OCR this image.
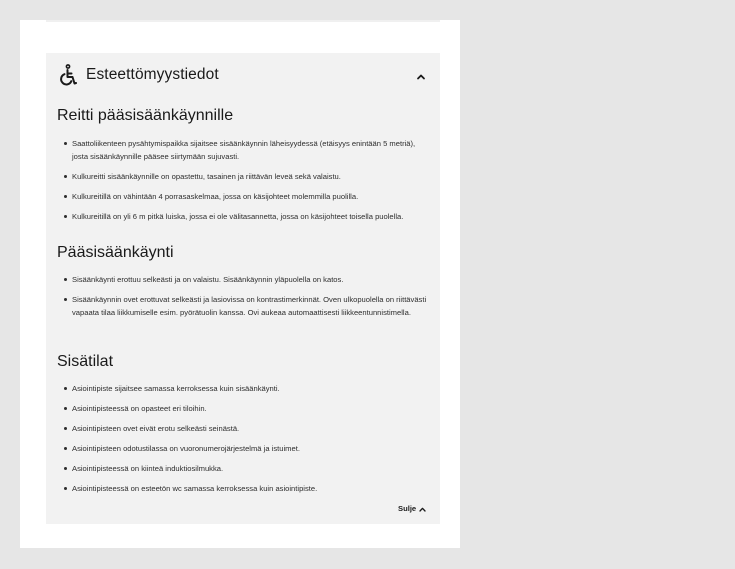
Esteettömyystiedot
Reitti pääsisäänkäynnille
Saattoliikenteen pysähtymispaikka sijaitsee sisäänkäynnin läheisyydessä (etäisyys enintään 5 metriä), josta sisäänkäynnille pääsee siirtymään sujuvasti.
Kulkureitti sisäänkäynnille on opastettu, tasainen ja riittävän leveä sekä valaistu.
Kulkureitillä on vähintään 4 porrasaskelmaa, jossa on käsijohteet molemmilla puolilla.
Kulkureitillä on yli 6 m pitkä luiska, jossa ei ole välitasannetta, jossa on käsijohteet toisella puolella.
Pääsisäänkäynti
Sisäänkäynti erottuu selkeästi ja on valaistu. Sisäänkäynnin yläpuolella on katos.
Sisäänkäynnin ovet erottuvat selkeästi ja lasiovissa on kontrastimerkinnät. Oven ulkopuolella on riittävästi vapaata tilaa liikkumiselle esim. pyörätuolin kanssa. Ovi aukeaa automaattisesti liikkeentunnistimella.
Sisätilat
Asiointipiste sijaitsee samassa kerroksessa kuin sisäänkäynti.
Asiointipisteessä on opasteet eri tiloihin.
Asiointipisteen ovet eivät erotu selkeästi seinästä.
Asiointipisteen odotustilassa on vuoronumerojärjestelmä ja istuimet.
Asiointipisteessä on kiinteä induktiosilmukka.
Asiointipisteessä on esteetön wc samassa kerroksessa kuin asiointipiste.
Sulje
